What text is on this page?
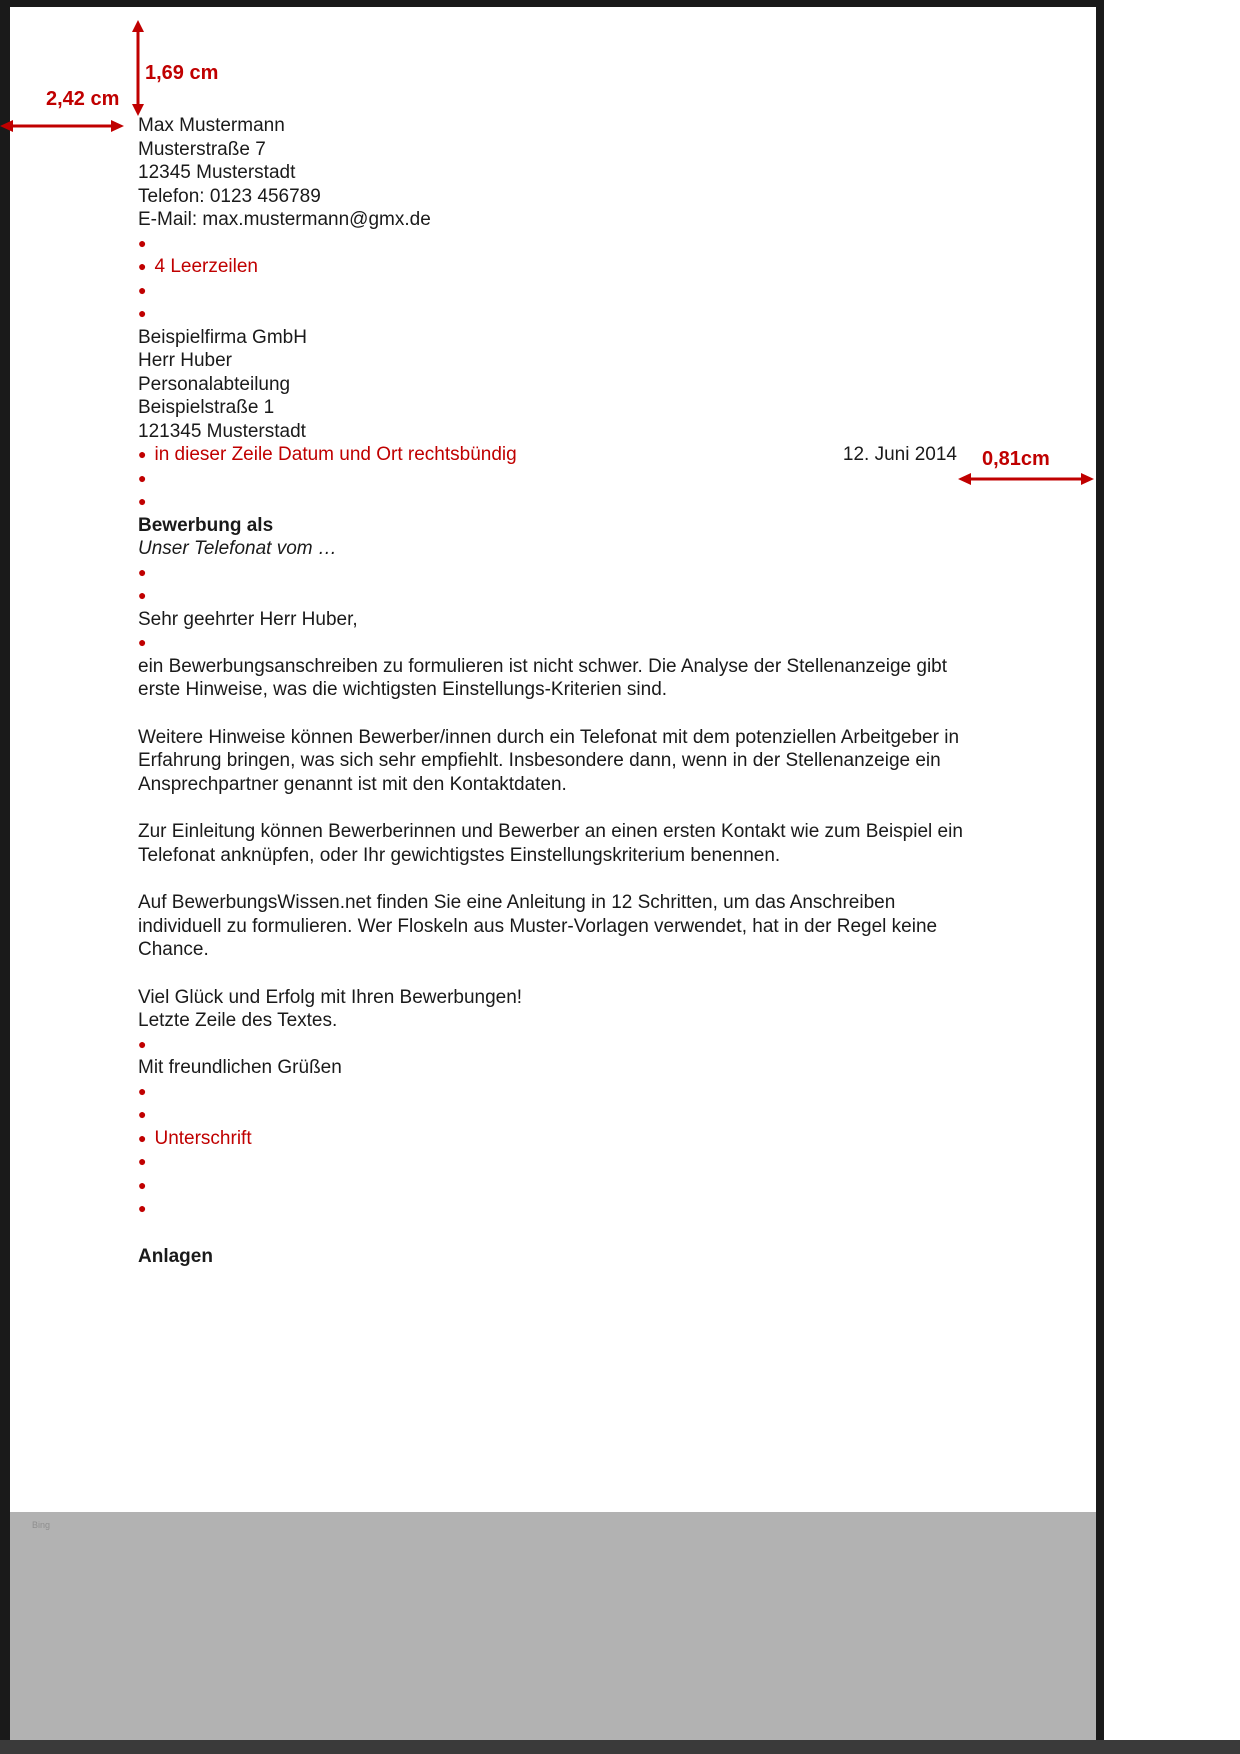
1,69 cm
2,42 cm
0,81cm
Max Mustermann
Musterstraße 7
12345 Musterstadt
Telefon: 0123 456789
E-Mail: max.mustermann@gmx.de
●
● 4 Leerzeilen
●
●
Beispielfirma GmbH
Herr Huber
Personalabteilung
Beispielstraße 1
121345 Musterstadt
● in dieser Zeile Datum und Ort rechtsbündig	12. Juni 2014
●
●
Bewerbung als
Unser Telefonat vom …
●
●
Sehr geehrter Herr Huber,
●

ein Bewerbungsanschreiben zu formulieren ist nicht schwer. Die Analyse der Stellenanzeige gibt erste Hinweise, was die wichtigsten Einstellungs-Kriterien sind.

Weitere Hinweise können Bewerber/innen durch ein Telefonat mit dem potenziellen Arbeitgeber in Erfahrung bringen, was sich sehr empfiehlt. Insbesondere dann, wenn in der Stellenanzeige ein Ansprechpartner genannt ist mit den Kontaktdaten.

Zur Einleitung können Bewerberinnen und Bewerber an einen ersten Kontakt wie zum Beispiel ein Telefonat anknüpfen, oder Ihr gewichtigstes Einstellungskriterium benennen.

Auf BewerbungsWissen.net finden Sie eine Anleitung in 12 Schritten, um das Anschreiben individuell zu formulieren. Wer Floskeln aus Muster-Vorlagen verwendet, hat in der Regel keine Chance.

Viel Glück und Erfolg mit Ihren Bewerbungen!
Letzte Zeile des Textes.
●
Mit freundlichen Grüßen
●
●
● Unterschrift
●
●
●
Anlagen
Bing
